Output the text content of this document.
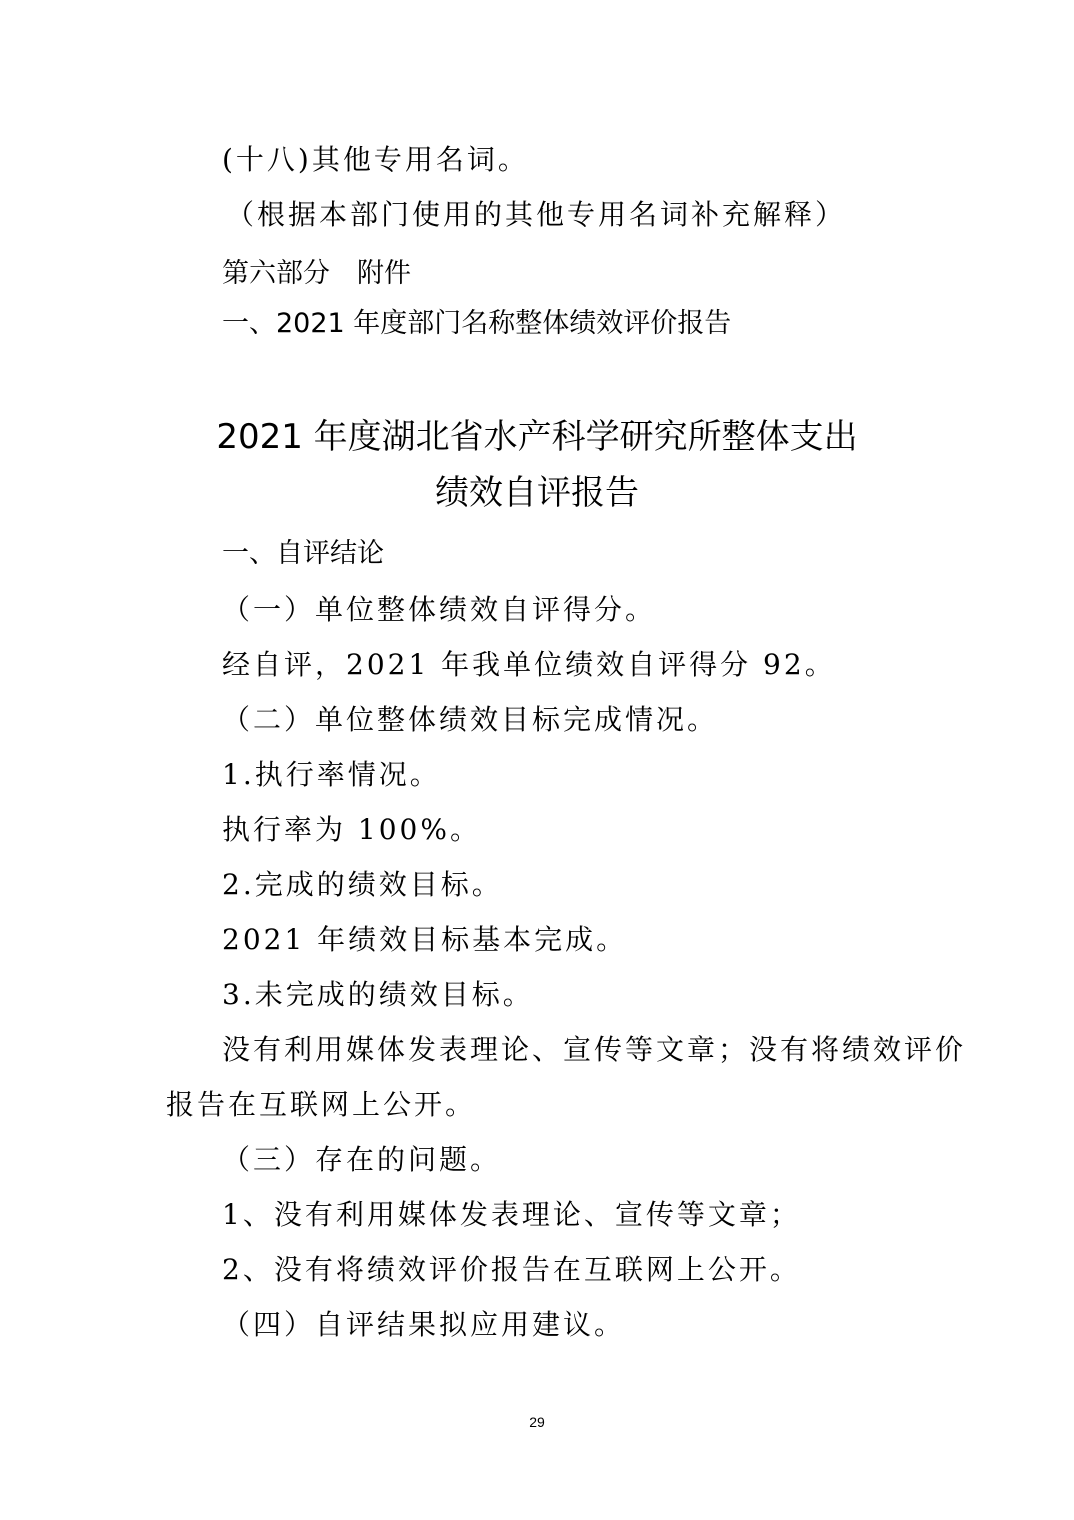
(十八)其他专用名词。
（根据本部门使用的其他专用名词补充解释）
第六部分　附件
一、2021 年度部门名称整体绩效评价报告
2021 年度湖北省水产科学研究所整体支出
绩效自评报告
一、自评结论
（一）单位整体绩效自评得分。
经自评，2021 年我单位绩效自评得分 92。
（二）单位整体绩效目标完成情况。
1.执行率情况。
执行率为 100%。
2.完成的绩效目标。
2021 年绩效目标基本完成。
3.未完成的绩效目标。
没有利用媒体发表理论、宣传等文章；没有将绩效评价
报告在互联网上公开。
（三）存在的问题。
1、没有利用媒体发表理论、宣传等文章；
2、没有将绩效评价报告在互联网上公开。
（四）自评结果拟应用建议。
29
